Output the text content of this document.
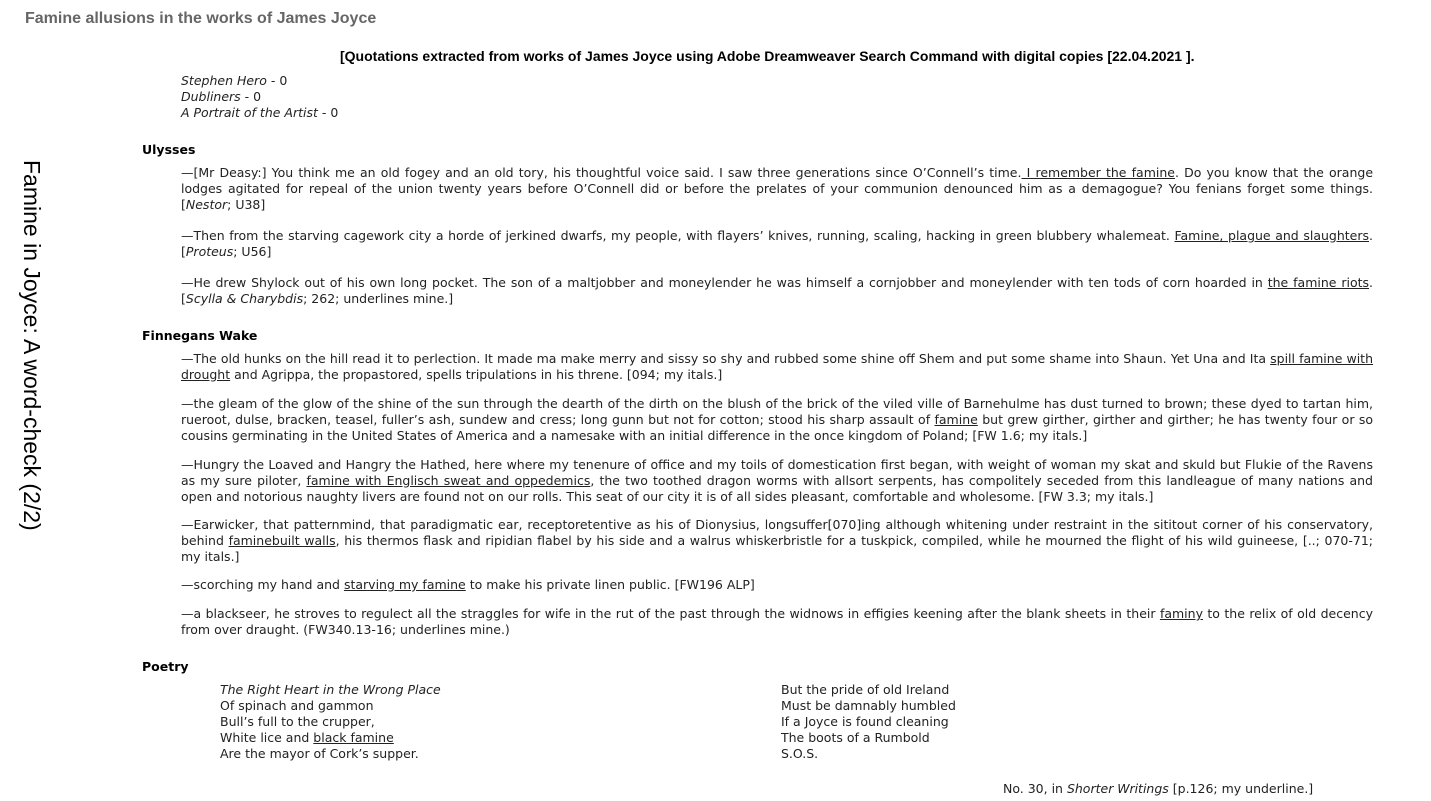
Famine allusions in the works of James Joyce
Famine in Joyce: A word-check (2/2)
[Quotations extracted from works of James Joyce using Adobe Dreamweaver Search Command with digital copies [22.04.2021 ].
Stephen Hero - 0
Dubliners - 0
A Portrait of the Artist - 0
Ulysses
—[Mr Deasy:] You think me an old fogey and an old tory, his thoughtful voice said. I saw three generations since O’Connell’s time. I remember the famine. Do you know that the orange lodges agitated for repeal of the union twenty years before O’Connell did or before the prelates of your communion denounced him as a demagogue? You fenians forget some things. [Nestor; U38]
—Then from the starving cagework city a horde of jerkined dwarfs, my people, with flayers’ knives, running, scaling, hacking in green blubbery whalemeat. Famine, plague and slaughters. [Proteus; U56]
—He drew Shylock out of his own long pocket. The son of a maltjobber and moneylender he was himself a cornjobber and moneylender with ten tods of corn hoarded in the famine riots. [Scylla & Charybdis; 262; underlines mine.]
Finnegans Wake
—The old hunks on the hill read it to perlection. It made ma make merry and sissy so shy and rubbed some shine off Shem and put some shame into Shaun. Yet Una and Ita spill famine with drought and Agrippa, the propastored, spells tripulations in his threne. [094; my itals.]
—the gleam of the glow of the shine of the sun through the dearth of the dirth on the blush of the brick of the viled ville of Barnehulme has dust turned to brown; these dyed to tartan him, rueroot, dulse, bracken, teasel, fuller’s ash, sundew and cress; long gunn but not for cotton; stood his sharp assault of famine but grew girther, girther and girther; he has twenty four or so cousins germinating in the United States of America and a namesake with an initial difference in the once kingdom of Poland; [FW 1.6; my itals.]
—Hungry the Loaved and Hangry the Hathed, here where my tenenure of office and my toils of domestication first began, with weight of woman my skat and skuld but Flukie of the Ravens as my sure piloter, famine with Englisch sweat and oppedemics, the two toothed dragon worms with allsort serpents, has compolitely seceded from this landleague of many nations and open and notorious naughty livers are found not on our rolls. This seat of our city it is of all sides pleasant, comfortable and wholesome. [FW 3.3; my itals.]
—Earwicker, that patternmind, that paradigmatic ear, receptoretentive as his of Dionysius, longsuffer[070]ing although whitening under restraint in the sititout corner of his conservatory, behind faminebuilt walls, his thermos flask and ripidian flabel by his side and a walrus whiskerbristle for a tuskpick, compiled, while he mourned the flight of his wild guineese, [..; 070-71; my itals.]
—scorching my hand and starving my famine to make his private linen public. [FW196 ALP]
—a blackseer, he stroves to regulect all the straggles for wife in the rut of the past through the widnows in effigies keening after the blank sheets in their faminy to the relix of old decency from over draught. (FW340.13-16; underlines mine.)
Poetry
The Right Heart in the Wrong Place
Of spinach and gammon
Bull’s full to the crupper,
White lice and black famine
Are the mayor of Cork’s supper.
But the pride of old Ireland
Must be damnably humbled
If a Joyce is found cleaning
The boots of a Rumbold
S.O.S.
No. 30, in Shorter Writings [p.126; my underline.]
